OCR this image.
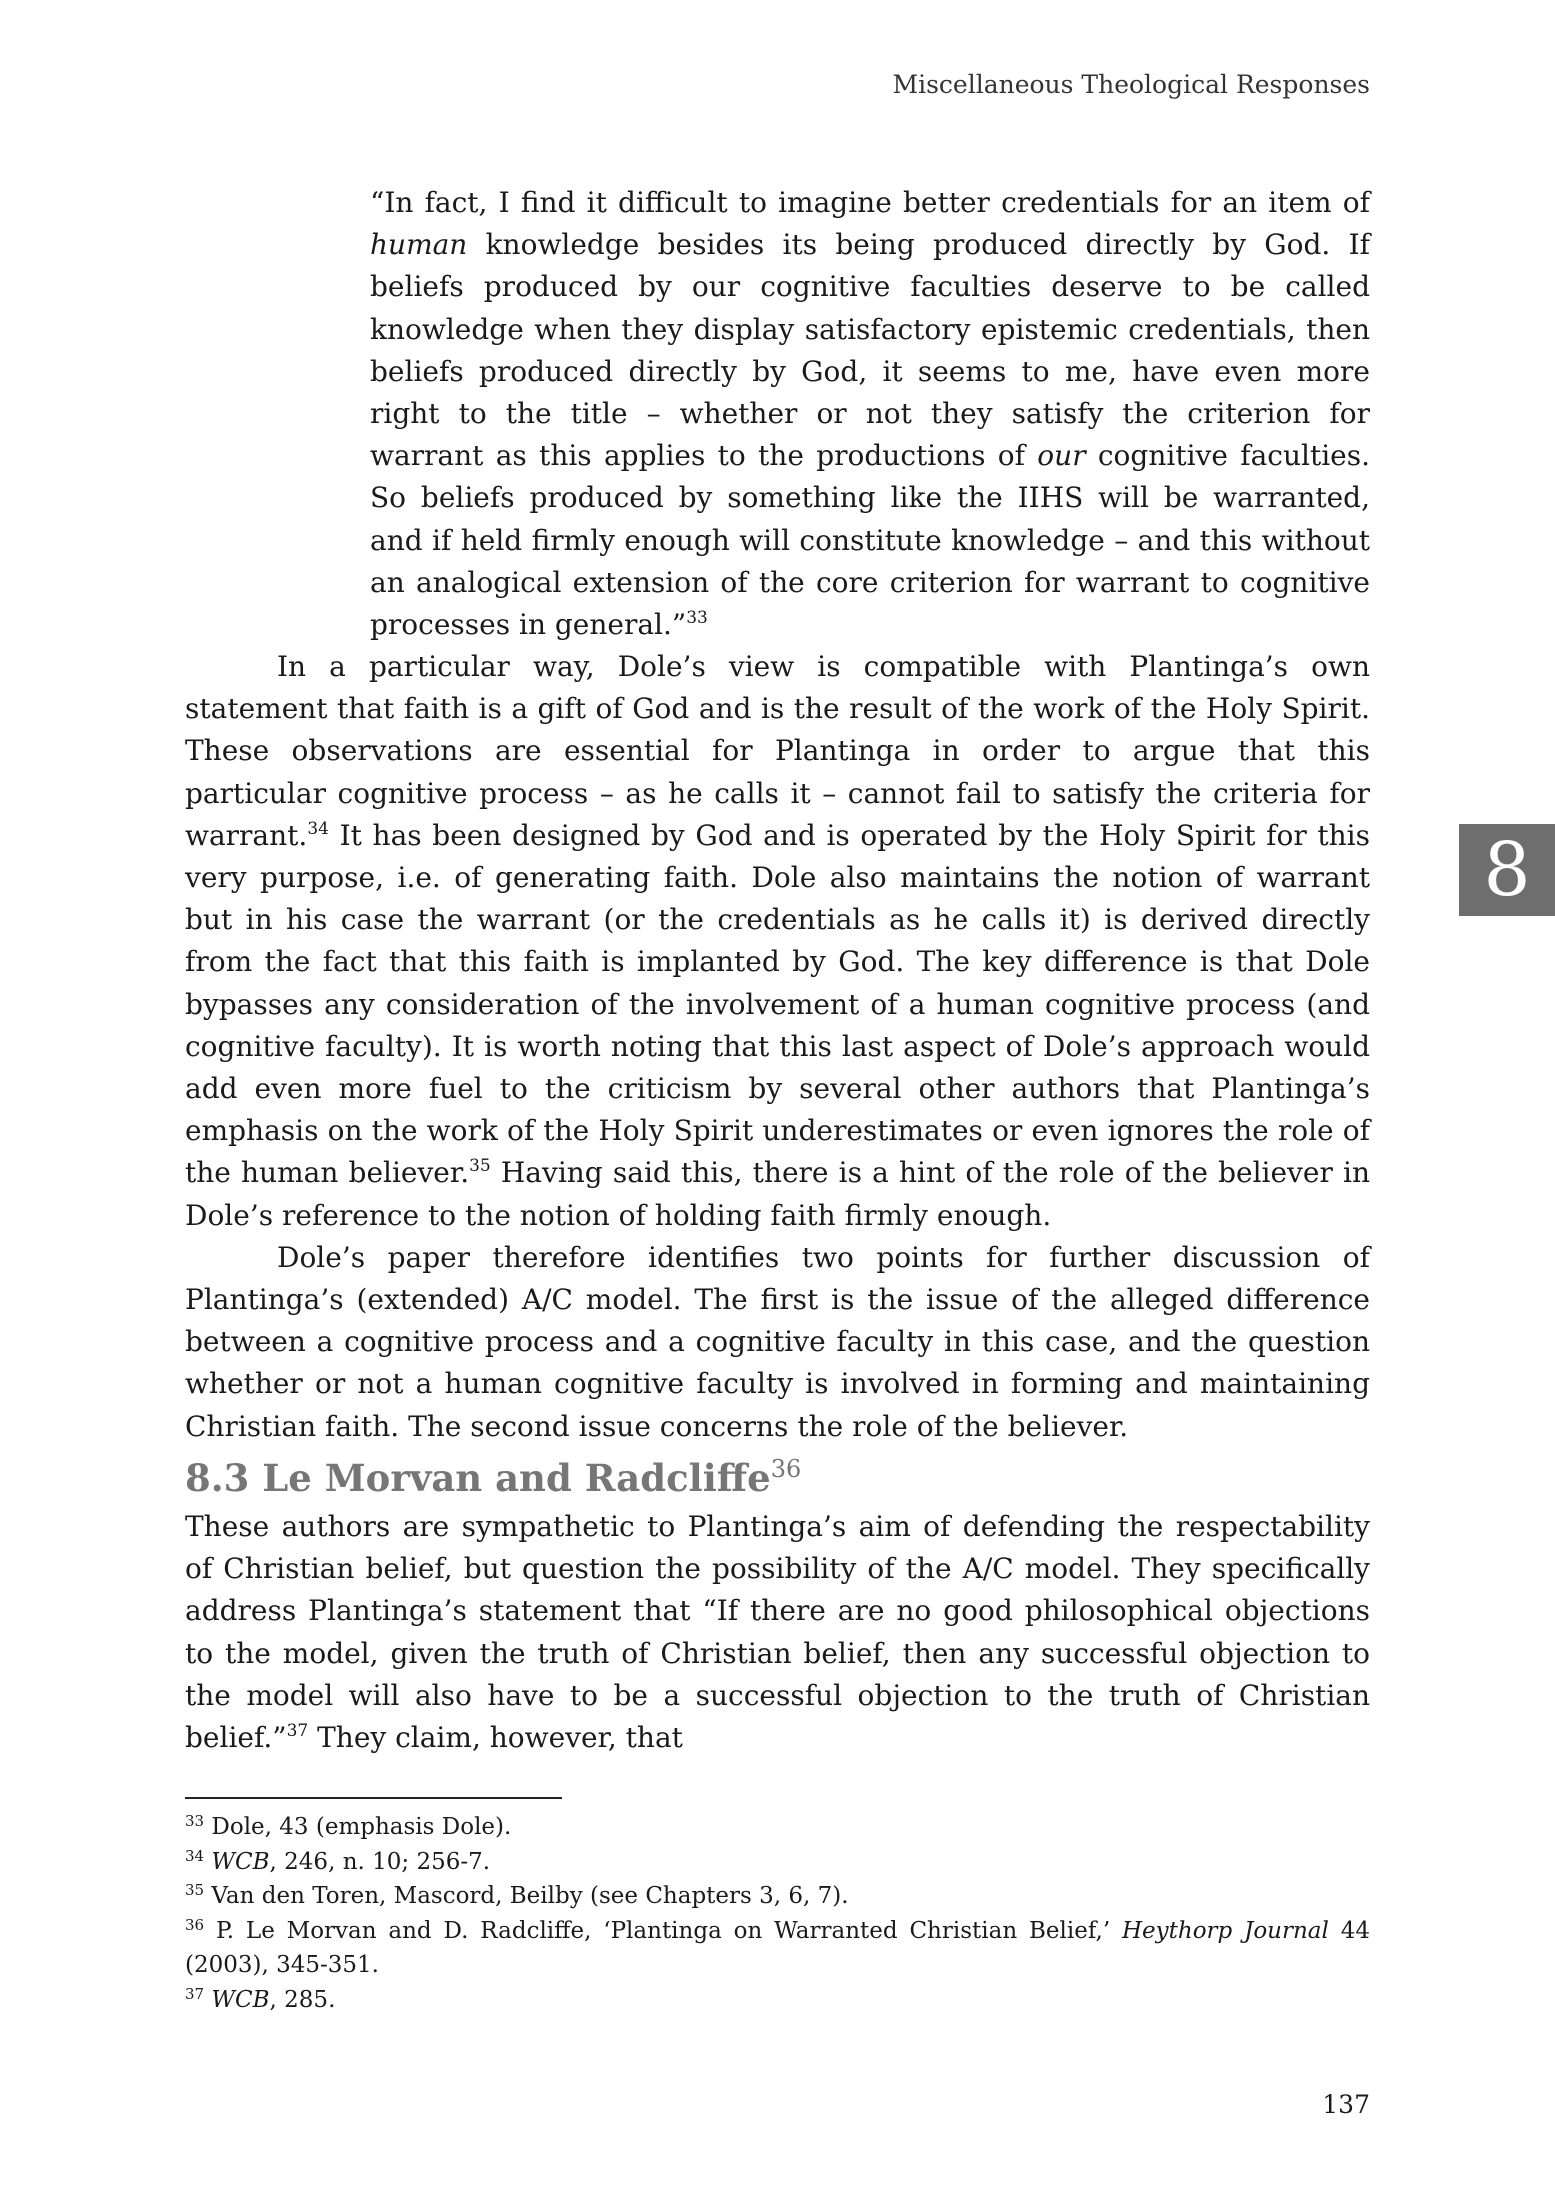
Miscellaneous Theological Responses
8
“In fact, I find it difficult to imagine better credentials for an item of human knowledge besides its being produced directly by God. If beliefs produced by our cognitive faculties deserve to be called knowledge when they display satisfactory epistemic credentials, then beliefs produced directly by God, it seems to me, have even more right to the title – whether or not they satisfy the criterion for warrant as this applies to the productions of our cognitive faculties. So beliefs produced by something like the IIHS will be warranted, and if held firmly enough will constitute knowledge – and this without an analogical extension of the core criterion for warrant to cognitive processes in general.”$^{33}$

In a particular way, Dole’s view is compatible with Plantinga’s own statement that faith is a gift of God and is the result of the work of the Holy Spirit. These observations are essential for Plantinga in order to argue that this particular cognitive process – as he calls it – cannot fail to satisfy the criteria for warrant.$^{34}$ It has been designed by God and is operated by the Holy Spirit for this very purpose, i.e. of generating faith. Dole also maintains the notion of warrant but in his case the warrant (or the credentials as he calls it) is derived directly from the fact that this faith is implanted by God. The key difference is that Dole bypasses any consideration of the involvement of a human cognitive process (and cognitive faculty). It is worth noting that this last aspect of Dole’s approach would add even more fuel to the criticism by several other authors that Plantinga’s emphasis on the work of the Holy Spirit underestimates or even ignores the role of the human believer.$^{35}$ Having said this, there is a hint of the role of the believer in Dole’s reference to the notion of holding faith firmly enough.

Dole’s paper therefore identifies two points for further discussion of Plantinga’s (extended) A/C model. The first is the issue of the alleged difference between a cognitive process and a cognitive faculty in this case, and the question whether or not a human cognitive faculty is involved in forming and maintaining Christian faith. The second issue concerns the role of the believer.

8.3 Le Morvan and Radcliffe$^{36}$

These authors are sympathetic to Plantinga’s aim of defending the respectability of Christian belief, but question the possibility of the A/C model. They specifically address Plantinga’s statement that “If there are no good philosophical objections to the model, given the truth of Christian belief, then any successful objection to the model will also have to be a successful objection to the truth of Christian belief.”$^{37}$ They claim, however, that

$^{33}$ Dole, 43 (emphasis Dole).
$^{34}$ WCB, 246, n. 10; 256-7.
$^{35}$ Van den Toren, Mascord, Beilby (see Chapters 3, 6, 7).
$^{36}$ P. Le Morvan and D. Radcliffe, ‘Plantinga on Warranted Christian Belief,’ Heythorp Journal 44 (2003), 345-351.
$^{37}$ WCB, 285.
137
